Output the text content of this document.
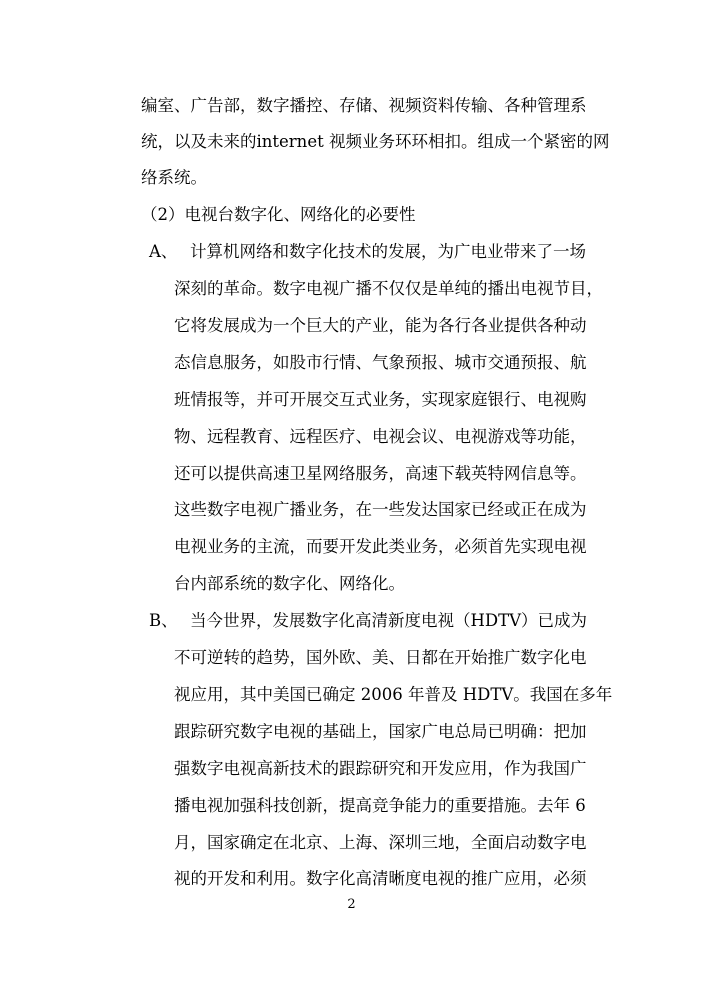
编室、广告部，数字播控、存储、视频资料传输、各种管理系
统，以及未来的internet 视频业务环环相扣。组成一个紧密的网
络系统。
（2）电视台数字化、网络化的必要性
A、 计算机网络和数字化技术的发展，为广电业带来了一场
深刻的革命。数字电视广播不仅仅是单纯的播出电视节目，
它将发展成为一个巨大的产业，能为各行各业提供各种动
态信息服务，如股市行情、气象预报、城市交通预报、航
班情报等，并可开展交互式业务，实现家庭银行、电视购
物、远程教育、远程医疗、电视会议、电视游戏等功能，
还可以提供高速卫星网络服务，高速下载英特网信息等。
这些数字电视广播业务，在一些发达国家已经或正在成为
电视业务的主流，而要开发此类业务，必须首先实现电视
台内部系统的数字化、网络化。
B、 当今世界，发展数字化高清新度电视（HDTV）已成为
不可逆转的趋势，国外欧、美、日都在开始推广数字化电
视应用，其中美国已确定 2006 年普及 HDTV。我国在多年
跟踪研究数字电视的基础上，国家广电总局已明确：把加
强数字电视高新技术的跟踪研究和开发应用，作为我国广
播电视加强科技创新，提高竞争能力的重要措施。去年 6
月，国家确定在北京、上海、深圳三地，全面启动数字电
视的开发和利用。数字化高清晰度电视的推广应用，必须
2
